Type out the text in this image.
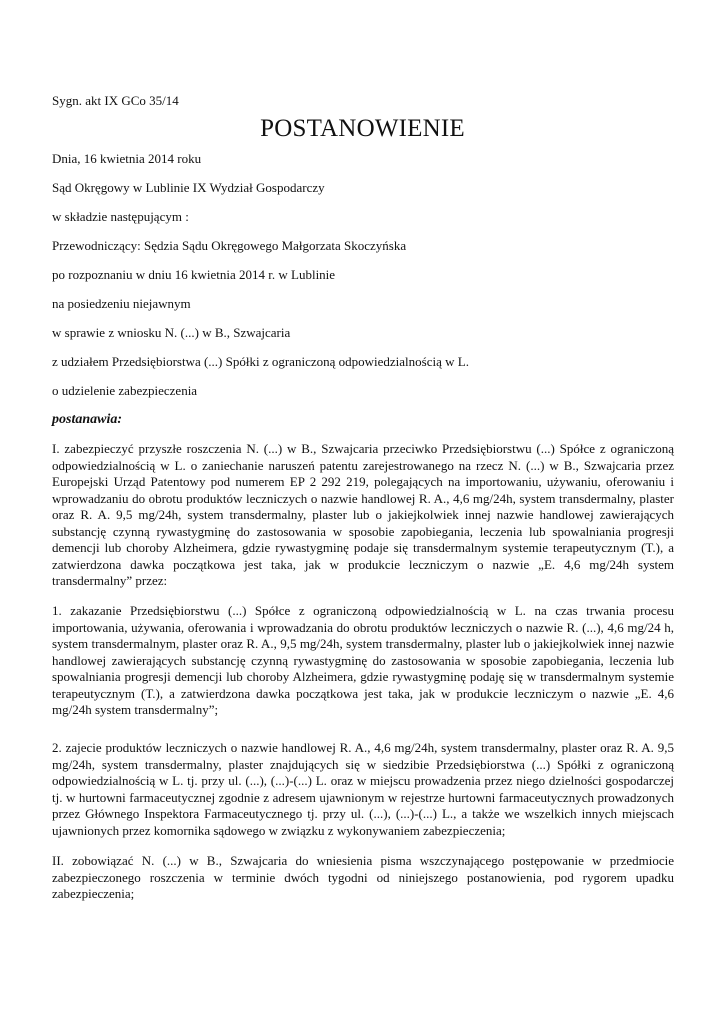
Sygn. akt IX GCo 35/14
POSTANOWIENIE
Dnia, 16 kwietnia 2014 roku
Sąd Okręgowy w Lublinie IX Wydział Gospodarczy
w składzie następującym :
Przewodniczący: Sędzia Sądu Okręgowego Małgorzata Skoczyńska
po rozpoznaniu w dniu 16 kwietnia 2014 r. w Lublinie
na posiedzeniu niejawnym
w sprawie z wniosku N. (...) w B., Szwajcaria
z udziałem Przedsiębiorstwa (...) Spółki z ograniczoną odpowiedzialnością w L.
o udzielenie zabezpieczenia
postanawia:
I. zabezpieczyć przyszłe roszczenia N. (...) w B., Szwajcaria przeciwko Przedsiębiorstwu (...) Spółce z ograniczoną odpowiedzialnością w L. o zaniechanie naruszeń patentu zarejestrowanego na rzecz N. (...) w B., Szwajcaria przez Europejski Urząd Patentowy pod numerem EP 2 292 219, polegających na importowaniu, używaniu, oferowaniu i wprowadzaniu do obrotu produktów leczniczych o nazwie handlowej R. A., 4,6 mg/24h, system transdermalny, plaster oraz R. A. 9,5 mg/24h, system transdermalny, plaster lub o jakiejkolwiek innej nazwie handlowej zawierających substancję czynną rywastygminę do zastosowania w sposobie zapobiegania, leczenia lub spowalniania progresji demencji lub choroby Alzheimera, gdzie rywastygminę podaje się transdermalnym systemie terapeutycznym (T.), a zatwierdzona dawka początkowa jest taka, jak w produkcie leczniczym o nazwie „E. 4,6 mg/24h system transdermalny” przez:
1. zakazanie Przedsiębiorstwu (...) Spółce z ograniczoną odpowiedzialnością w L. na czas trwania procesu importowania, używania, oferowania i wprowadzania do obrotu produktów leczniczych o nazwie R. (...), 4,6 mg/24 h, system transdermalnym, plaster oraz R. A., 9,5 mg/24h, system transdermalny, plaster lub o jakiejkolwiek innej nazwie handlowej zawierających substancję czynną rywastygminę do zastosowania w sposobie zapobiegania, leczenia lub spowalniania progresji demencji lub choroby Alzheimera, gdzie rywastygminę podaję się w transdermalnym systemie terapeutycznym (T.), a zatwierdzona dawka początkowa jest taka, jak w produkcie leczniczym o nazwie „E. 4,6 mg/24h system transdermalny”;
2. zajecie produktów leczniczych o nazwie handlowej R. A., 4,6 mg/24h, system transdermalny, plaster oraz R. A. 9,5 mg/24h, system transdermalny, plaster znajdujących się w siedzibie Przedsiębiorstwa (...) Spółki z ograniczoną odpowiedzialnością w L. tj. przy ul. (...), (...)-(...) L. oraz w miejscu prowadzenia przez niego dzielności gospodarczej tj. w hurtowni farmaceutycznej zgodnie z adresem ujawnionym w rejestrze hurtowni farmaceutycznych prowadzonych przez Głównego Inspektora Farmaceutycznego tj. przy ul. (...), (...)-(...) L., a także we wszelkich innych miejscach ujawnionych przez komornika sądowego w związku z wykonywaniem zabezpieczenia;
II. zobowiązać N. (...) w B., Szwajcaria do wniesienia pisma wszczynającego postępowanie w przedmiocie zabezpieczonego roszczenia w terminie dwóch tygodni od niniejszego postanowienia, pod rygorem upadku zabezpieczenia;
